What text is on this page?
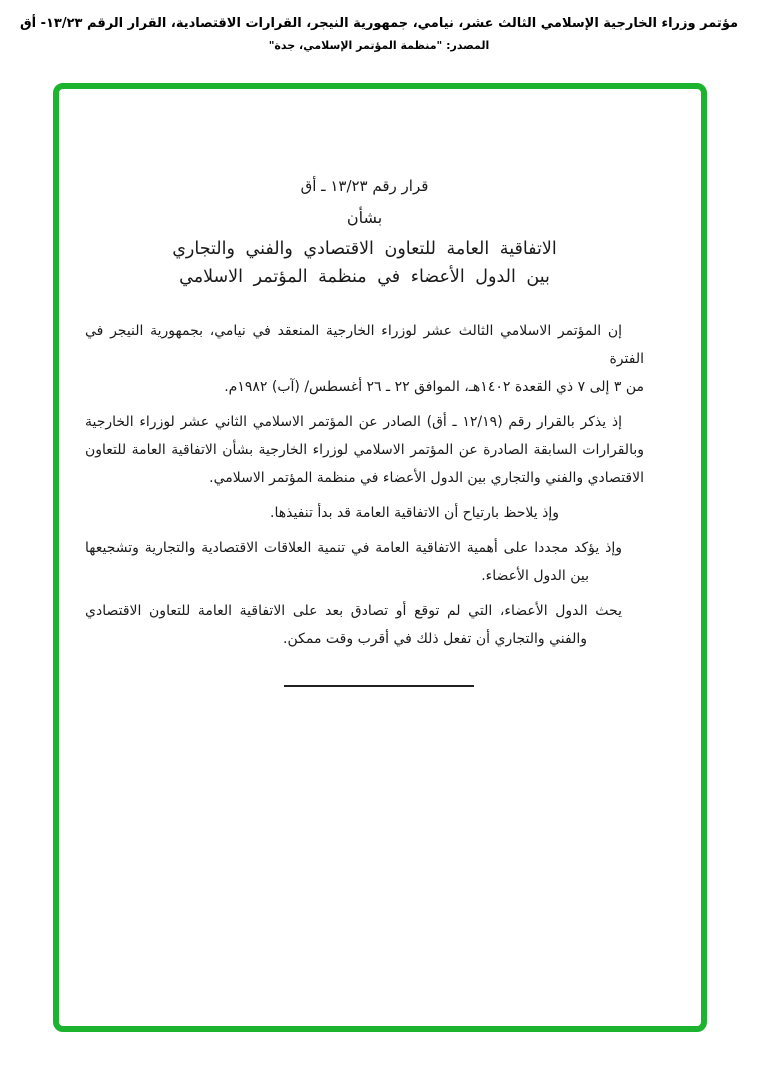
مؤتمر وزراء الخارجية الإسلامي الثالث عشر، نيامي، جمهورية النيجر، القرارات الاقتصادية، القرار الرقم ١٣/٢٣- أق
المصدر: "منظمة المؤتمر الإسلامي، جدة"
قرار رقم ١٣/٢٣ ـ أق
بشأن
الاتفاقية العامة للتعاون الاقتصادي والفني والتجاري
بين الدول الأعضاء في منظمة المؤتمر الاسلامي
إن المؤتمر الاسلامي الثالث عشر لوزراء الخارجية المنعقد في نيامي، بجمهورية النيجر في الفترة
من ٣ إلى ٧ ذي القعدة ١٤٠٢هـ، الموافق ٢٢ ـ ٢٦ أغسطس/ (آب) ١٩٨٢م.
إذ يذكر بالقرار رقم (١٢/١٩ ـ أق) الصادر عن المؤتمر الاسلامي الثاني عشر لوزراء الخارجية
وبالقرارات السابقة الصادرة عن المؤتمر الاسلامي لوزراء الخارجية بشأن الاتفاقية العامة للتعاون
الاقتصادي والفني والتجاري بين الدول الأعضاء في منظمة المؤتمر الاسلامي.
وإذ يلاحظ بارتياح أن الاتفاقية العامة قد بدأ تنفيذها.
وإذ يؤكد مجددا على أهمية الاتفاقية العامة في تنمية العلاقات الاقتصادية والتجارية وتشجيعها
بين الدول الأعضاء.
يحث الدول الأعضاء، التي لم توقع أو تصادق بعد على الاتفاقية العامة للتعاون الاقتصادي
والفني والتجاري أن تفعل ذلك في أقرب وقت ممكن.
